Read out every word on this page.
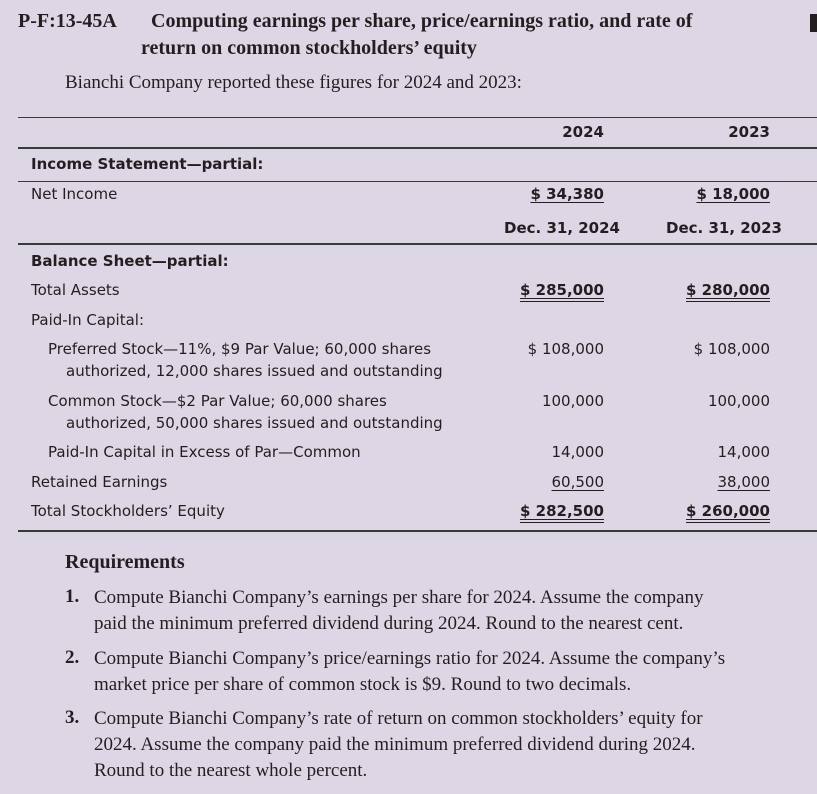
P-F:13-45A Computing earnings per share, price/earnings ratio, and rate of
return on common stockholders’ equity
Bianchi Company reported these figures for 2024 and 2023:
2024	2023
Income Statement—partial:
Net Income	$ 34,380	$ 18,000
Dec. 31, 2024	Dec. 31, 2023
Balance Sheet—partial:
Total Assets	$ 285,000	$ 280,000
Paid-In Capital:
Preferred Stock—11%, $9 Par Value; 60,000 shares
authorized, 12,000 shares issued and outstanding
$ 108,000	$ 108,000
Common Stock—$2 Par Value; 60,000 shares
authorized, 50,000 shares issued and outstanding
100,000	100,000
Paid-In Capital in Excess of Par—Common	14,000	14,000
Retained Earnings	60,500	38,000
Total Stockholders’ Equity	$ 282,500	$ 260,000
Requirements
1. Compute Bianchi Company’s earnings per share for 2024. Assume the company
paid the minimum preferred dividend during 2024. Round to the nearest cent.
2. Compute Bianchi Company’s price/earnings ratio for 2024. Assume the company’s
market price per share of common stock is $9. Round to two decimals.
3. Compute Bianchi Company’s rate of return on common stockholders’ equity for
2024. Assume the company paid the minimum preferred dividend during 2024.
Round to the nearest whole percent.
